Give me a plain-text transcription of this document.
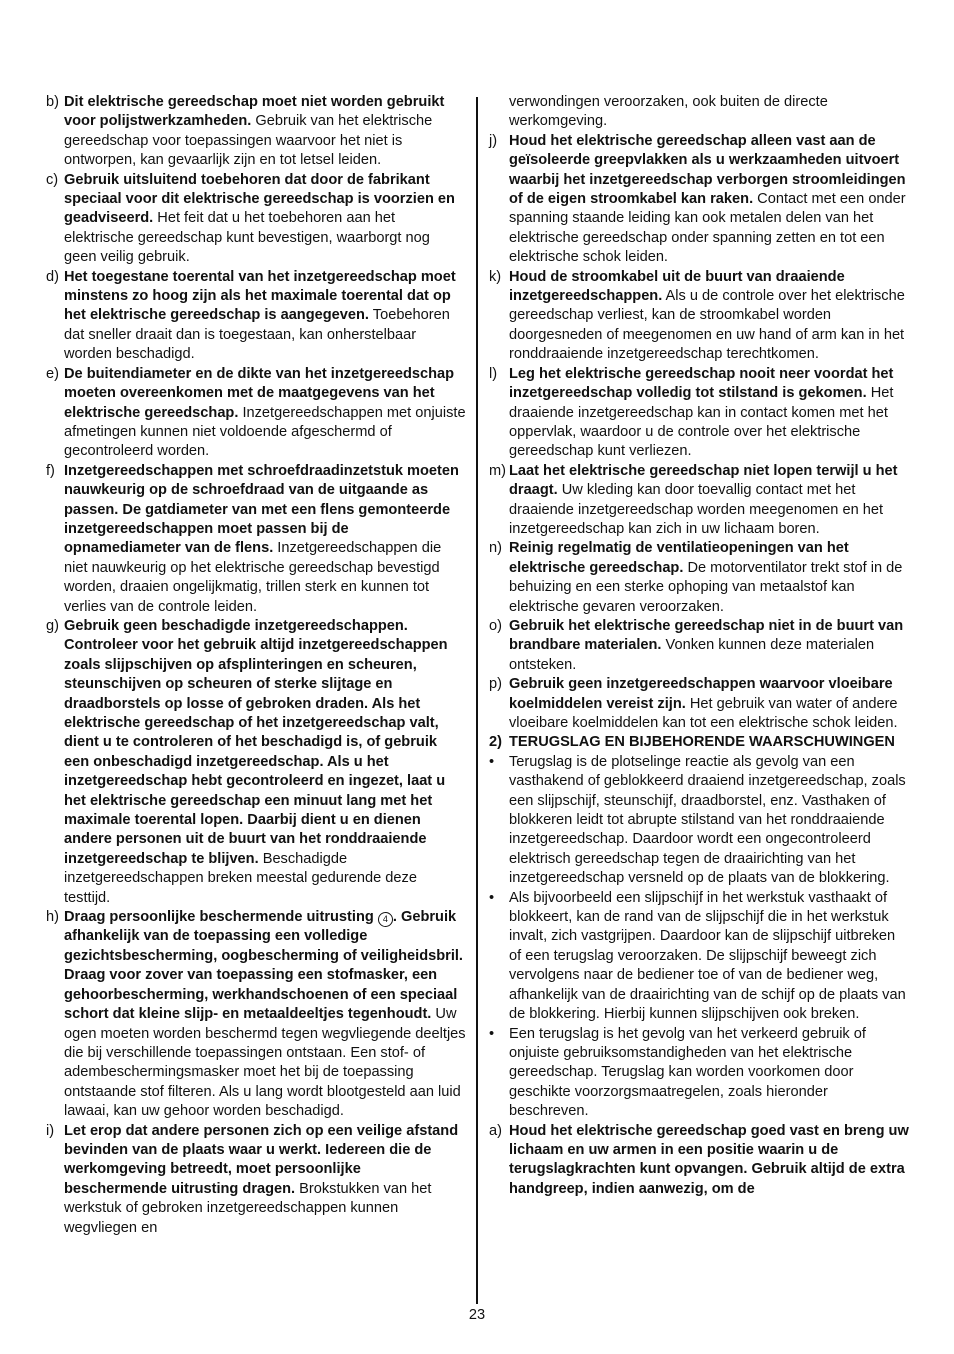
b) Dit elektrische gereedschap moet niet worden gebruikt voor polijstwerkzamheden. Gebruik van het elektrische gereedschap voor toepassingen waarvoor het niet is ontworpen, kan gevaarlijk zijn en tot letsel leiden.
c) Gebruik uitsluitend toebehoren dat door de fabrikant speciaal voor dit elektrische gereedschap is voorzien en geadviseerd. Het feit dat u het toebehoren aan het elektrische gereedschap kunt bevestigen, waarborgt nog geen veilig gebruik.
d) Het toegestane toerental van het inzetgereedschap moet minstens zo hoog zijn als het maximale toerental dat op het elektrische gereedschap is aangegeven. Toebehoren dat sneller draait dan is toegestaan, kan onherstelbaar worden beschadigd.
e) De buitendiameter en de dikte van het inzetgereedschap moeten overeenkomen met de maatgegevens van het elektrische gereedschap. Inzetgereedschappen met onjuiste afmetingen kunnen niet voldoende afgeschermd of gecontroleerd worden.
f) Inzetgereedschappen met schroefdraadinzetstuk moeten nauwkeurig op de schroefdraad van de uitgaande as passen. De gatdiameter van met een flens gemonteerde inzetgereedschappen moet passen bij de opnamediameter van de flens. Inzetgereedschappen die niet nauwkeurig op het elektrische gereedschap bevestigd worden, draaien ongelijkmatig, trillen sterk en kunnen tot verlies van de controle leiden.
g) Gebruik geen beschadigde inzetgereedschappen. Controleer voor het gebruik altijd inzetgereedschappen zoals slijpschijven op afsplinteringen en scheuren, steunschijven op scheuren of sterke slijtage en draadborstels op losse of gebroken draden. Als het elektrische gereedschap of het inzetgereedschap valt, dient u te controleren of het beschadigd is, of gebruik een onbeschadigd inzetgereedschap. Als u het inzetgereedschap hebt gecontroleerd en ingezet, laat u het elektrische gereedschap een minuut lang met het maximale toerental lopen. Daarbij dient u en dienen andere personen uit de buurt van het ronddraaiende inzetgereedschap te blijven. Beschadigde inzetgereedschappen breken meestal gedurende deze testtijd.
h) Draag persoonlijke beschermende uitrusting 4 . Gebruik afhankelijk van de toepassing een volledige gezichtsbescherming, oogbescherming of veiligheidsbril. Draag voor zover van toepassing een stofmasker, een gehoorbescherming, werkhandschoenen of een speciaal schort dat kleine slijp- en metaaldeeltjes tegenhoudt. Uw ogen moeten worden beschermd tegen wegvliegende deeltjes die bij verschillende toepassingen ontstaan. Een stof- of adembeschermingsmasker moet het bij de toepassing ontstaande stof filteren. Als u lang wordt blootgesteld aan luid lawaai, kan uw gehoor worden beschadigd.
i) Let erop dat andere personen zich op een veilige afstand bevinden van de plaats waar u werkt. Iedereen die de werkomgeving betreedt, moet persoonlijke beschermende uitrusting dragen. Brokstukken van het werkstuk of gebroken inzetgereedschappen kunnen wegvliegen en
verwondingen veroorzaken, ook buiten de directe werkomgeving.
j) Houd het elektrische gereedschap alleen vast aan de geïsoleerde greepvlakken als u werkzaamheden uitvoert waarbij het inzetgereedschap verborgen stroomleidingen of de eigen stroomkabel kan raken. Contact met een onder spanning staande leiding kan ook metalen delen van het elektrische gereedschap onder spanning zetten en tot een elektrische schok leiden.
k) Houd de stroomkabel uit de buurt van draaiende inzetgereedschappen. Als u de controle over het elektrische gereedschap verliest, kan de stroomkabel worden doorgesneden of meegenomen en uw hand of arm kan in het ronddraaiende inzetgereedschap terechtkomen.
l) Leg het elektrische gereedschap nooit neer voordat het inzetgereedschap volledig tot stilstand is gekomen. Het draaiende inzetgereedschap kan in contact komen met het oppervlak, waardoor u de controle over het elektrische gereedschap kunt verliezen.
m) Laat het elektrische gereedschap niet lopen terwijl u het draagt. Uw kleding kan door toevallig contact met het draaiende inzetgereedschap worden meegenomen en het inzetgereedschap kan zich in uw lichaam boren.
n) Reinig regelmatig de ventilatieopeningen van het elektrische gereedschap. De motorventilator trekt stof in de behuizing en een sterke ophoping van metaalstof kan elektrische gevaren veroorzaken.
o) Gebruik het elektrische gereedschap niet in de buurt van brandbare materialen. Vonken kunnen deze materialen ontsteken.
p) Gebruik geen inzetgereedschappen waarvoor vloeibare koelmiddelen vereist zijn. Het gebruik van water of andere vloeibare koelmiddelen kan tot een elektrische schok leiden.
2) TERUGSLAG EN BIJBEHORENDE WAARSCHUWINGEN
•	Terugslag is de plotselinge reactie als gevolg van een vasthakend of geblokkeerd draaiend inzetgereedschap, zoals een slijpschijf, steunschijf, draadborstel, enz. Vasthaken of blokkeren leidt tot abrupte stilstand van het ronddraaiende inzetgereedschap. Daardoor wordt een ongecontroleerd elektrisch gereedschap tegen de draairichting van het inzetgereedschap versneld op de plaats van de blokkering.
•	Als bijvoorbeeld een slijpschijf in het werkstuk vasthaakt of blokkeert, kan de rand van de slijpschijf die in het werkstuk invalt, zich vastgrijpen. Daardoor kan de slijpschijf uitbreken of een terugslag veroorzaken. De slijpschijf beweegt zich vervolgens naar de bediener toe of van de bediener weg, afhankelijk van de draairichting van de schijf op de plaats van de blokkering. Hierbij kunnen slijpschijven ook breken.
•	Een terugslag is het gevolg van het verkeerd gebruik of onjuiste gebruiksomstandigheden van het elektrische gereedschap. Terugslag kan worden voorkomen door geschikte voorzorgsmaatregelen, zoals hieronder beschreven.
a) Houd het elektrische gereedschap goed vast en breng uw lichaam en uw armen in een positie waarin u de terugslagkrachten kunt opvangen. Gebruik altijd de extra handgreep, indien aanwezig, om de
23
